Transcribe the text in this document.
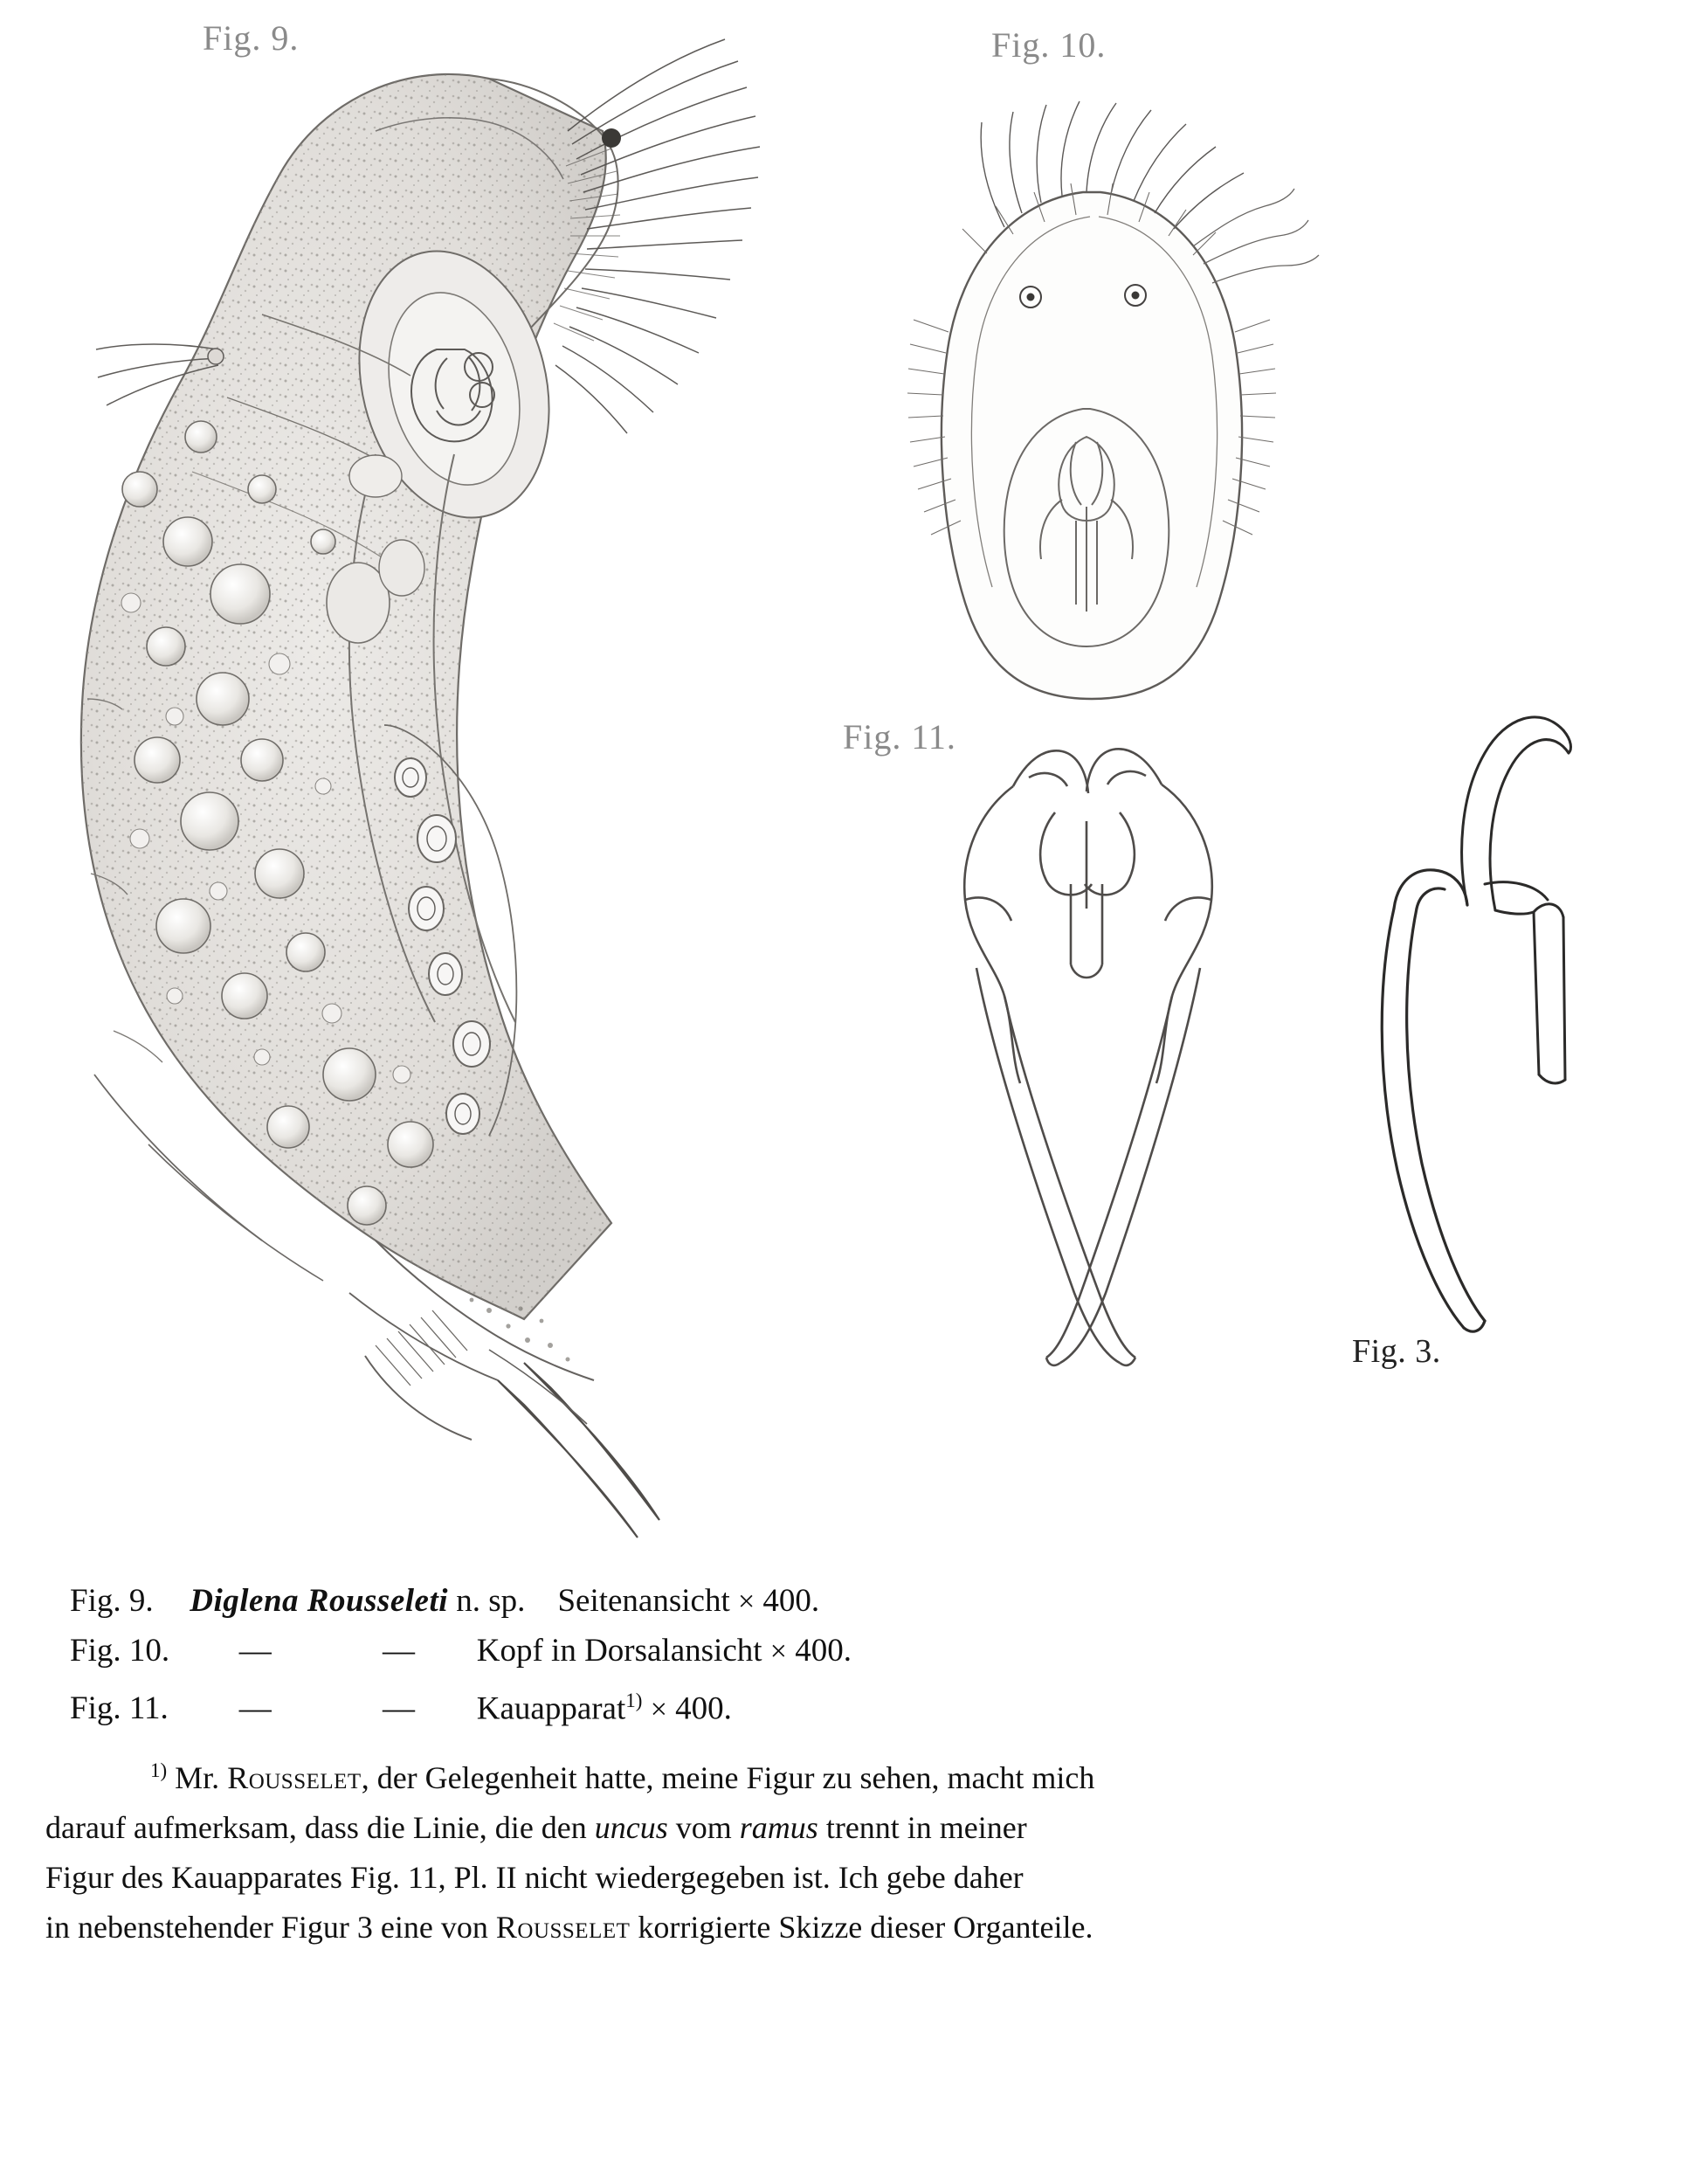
Fig. 9.	Fig. 10.
Fig. 11.
Fig. 3.
Fig. 9. Diglena Rousseleti n. sp. Seitenansicht × 400.
Fig. 10. —	— Kopf in Dorsalansicht × 400.
Fig. 11. —	— Kauapparat$^{1)}$ × 400.
$^{1)}$ Mr. Rousselet, der Gelegenheit hatte, meine Figur zu sehen, macht mich
darauf aufmerksam, dass die Linie, die den uncus vom ramus trennt in meiner
Figur des Kauapparates Fig. 11, Pl. II nicht wiedergegeben ist. Ich gebe daher
in nebenstehender Figur 3 eine von Rousselet korrigierte Skizze dieser Organteile.
